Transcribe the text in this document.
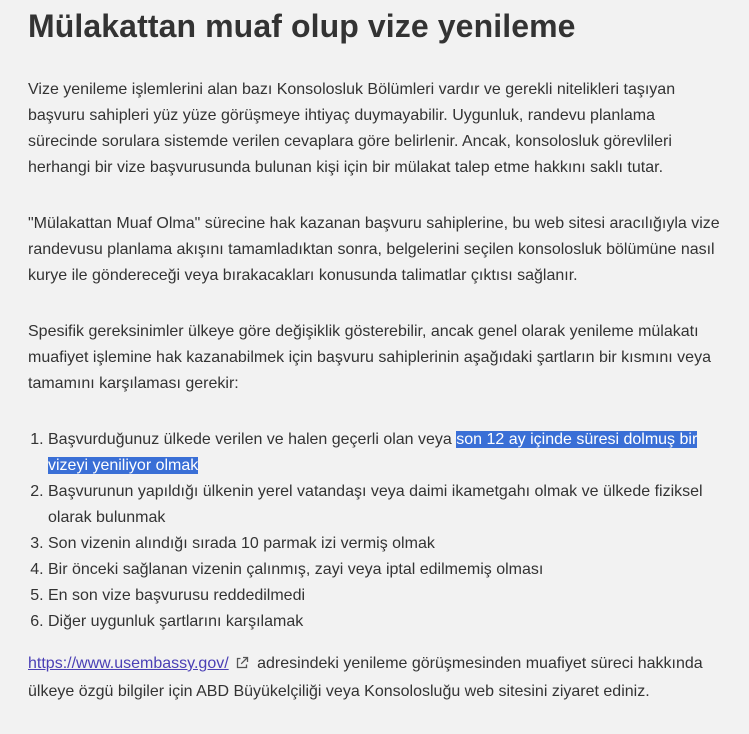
Mülakattan muaf olup vize yenileme

Vize yenileme işlemlerini alan bazı Konsolosluk Bölümleri vardır ve gerekli nitelikleri taşıyan başvuru sahipleri yüz yüze görüşmeye ihtiyaç duymayabilir. Uygunluk, randevu planlama sürecinde sorulara sistemde verilen cevaplara göre belirlenir. Ancak, konsolosluk görevlileri herhangi bir vize başvurusunda bulunan kişi için bir mülakat talep etme hakkını saklı tutar.

"Mülakattan Muaf Olma" sürecine hak kazanan başvuru sahiplerine, bu web sitesi aracılığıyla vize randevusu planlama akışını tamamladıktan sonra, belgelerini seçilen konsolosluk bölümüne nasıl kurye ile göndereceği veya bırakacakları konusunda talimatlar çıktısı sağlanır.

Spesifik gereksinimler ülkeye göre değişiklik gösterebilir, ancak genel olarak yenileme mülakatı muafiyet işlemine hak kazanabilmek için başvuru sahiplerinin aşağıdaki şartların bir kısmını veya tamamını karşılaması gerekir:

1. Başvurduğunuz ülkede verilen ve halen geçerli olan veya son 12 ay içinde süresi dolmuş bir vizeyi yeniliyor olmak
2. Başvurunun yapıldığı ülkenin yerel vatandaşı veya daimi ikametgahı olmak ve ülkede fiziksel olarak bulunmak
3. Son vizenin alındığı sırada 10 parmak izi vermiş olmak
4. Bir önceki sağlanan vizenin çalınmış, zayi veya iptal edilmemiş olması
5. En son vize başvurusu reddedilmedi
6. Diğer uygunluk şartlarını karşılamak

https://www.usembassy.gov/ adresindeki yenileme görüşmesinden muafiyet süreci hakkında ülkeye özgü bilgiler için ABD Büyükelçiliği veya Konsolosluğu web sitesini ziyaret ediniz.
